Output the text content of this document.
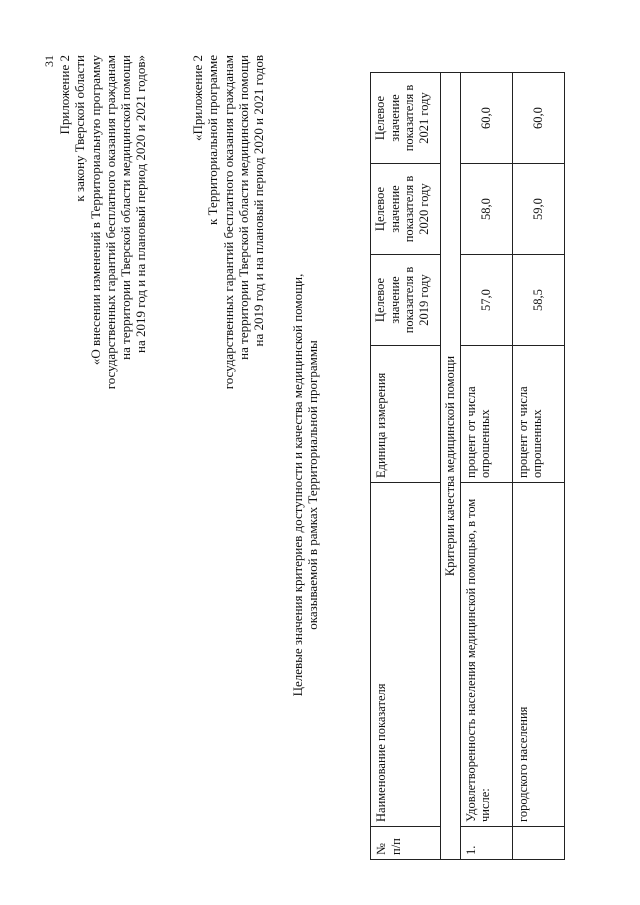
31 Приложение 2 к закону Тверской области «О внесении изменений в Территориальную программу государственных гарантий бесплатного оказания гражданам на территории Тверской области медицинской помощи на 2019 год и на плановый период 2020 и 2021 годов»	«Приложение 2 к Территориальной программе государственных гарантий бесплатного оказания гражданам на территории Тверской области медицинской помощи на 2019 год и на плановый период 2020 и 2021 годов
Целевые значения критериев доступности и качества медицинской помощи, оказываемой в рамках Территориальной программы
№ п/п	Наименование показателя	Единица измерения	Целевое значение показателя в 2019 году	Целевое значение показателя в 2020 году	Целевое значение показателя в 2021 году
Критерии качества медицинской помощи					
1.	Удовлетворенность населения медицинской помощью, в том числе:	процент от числа опрошенных	57,0	58,0	60,0
	городского населения	процент от числа опрошенных	58,5	59,0	60,0
